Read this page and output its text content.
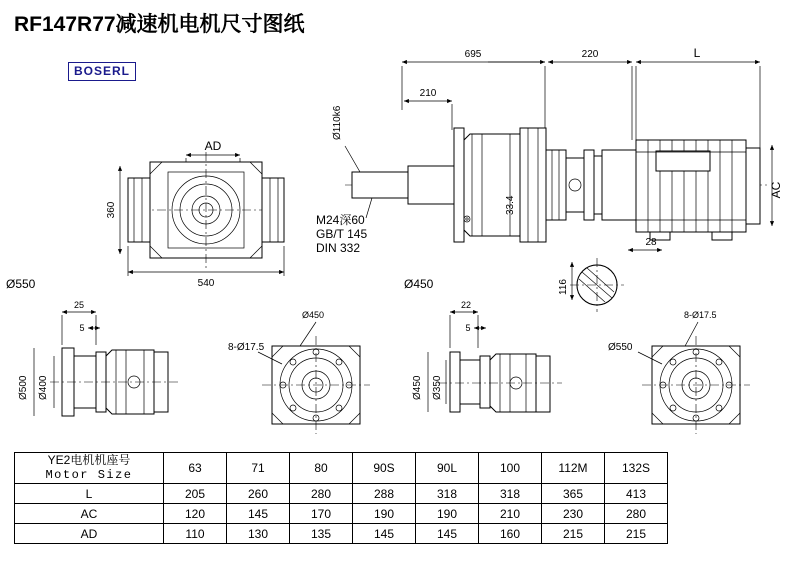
RF147R77减速机电机尺寸图纸
BOSERL
695	220	L
210
AC
Ø110k6
33.4
M24深60
GB/T 145
DIN 332
Ø450
28
116
AD
360
540
Ø550
25
5
Ø500 Ø400
Ø450
8-Ø17.5
22
5
Ø450 Ø350
8-Ø17.5
Ø550
YE2电机机座号
Motor Size	63	71	80	90S	90L	100	112M	132S
L	205	260	280	288	318	318	365	413
AC	120	145	170	190	190	210	230	280
AD	110	130	135	145	145	160	215	215
